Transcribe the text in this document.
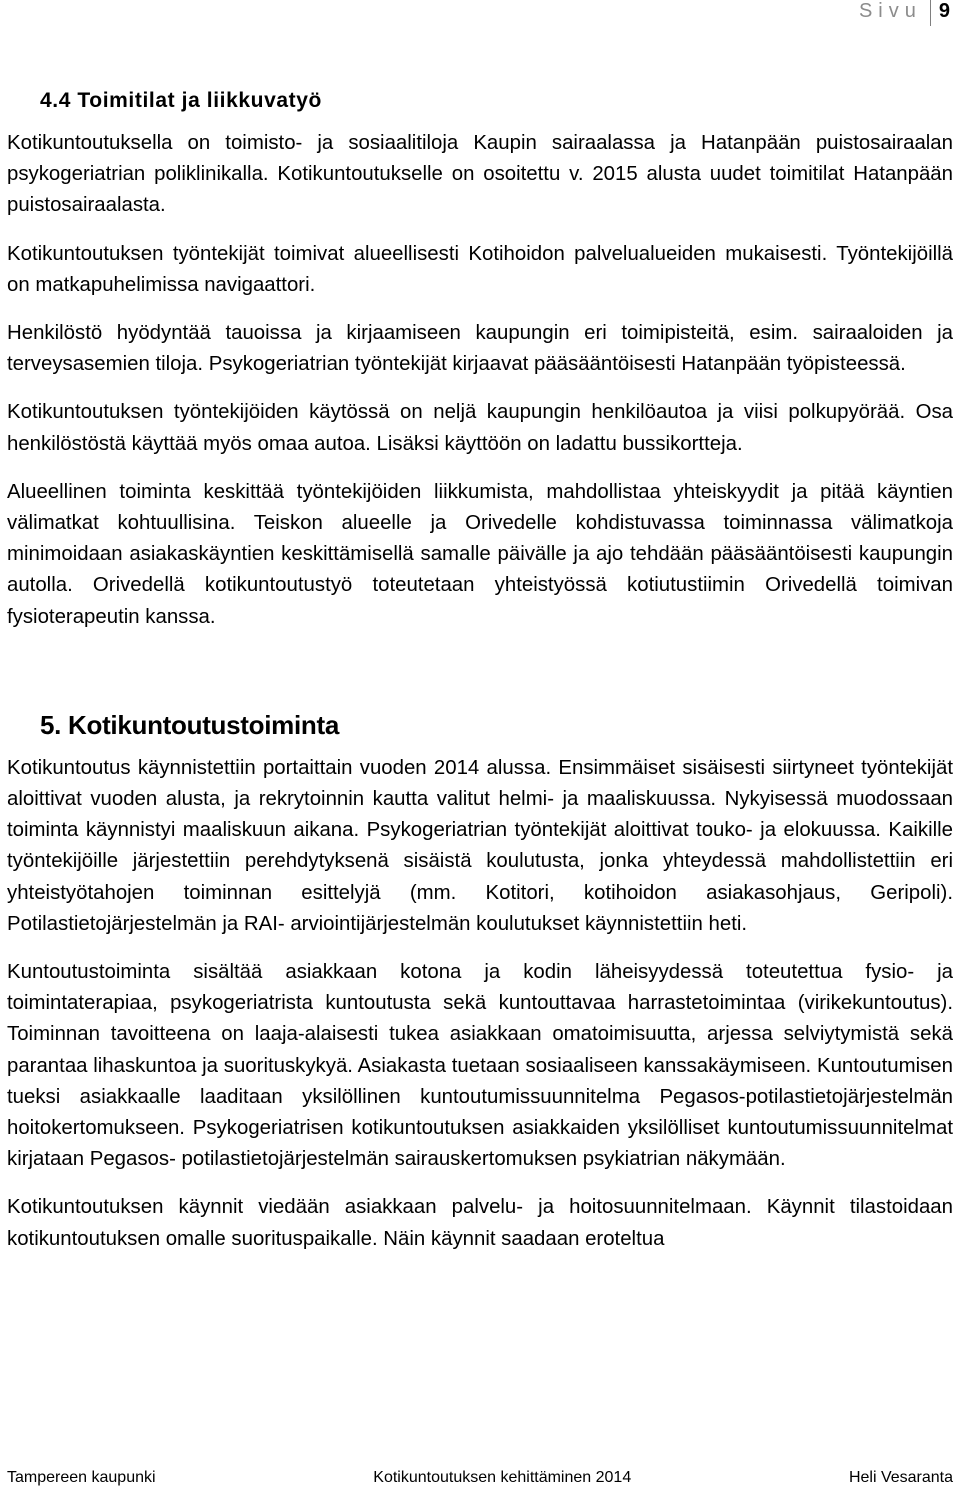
Sivu 9
4.4 Toimitilat ja liikkuvatyö

Kotikuntoutuksella on toimisto- ja sosiaalitiloja Kaupin sairaalassa ja Hatanpään puistosairaalan psykogeriatrian poliklinikalla. Kotikuntoutukselle on osoitettu v. 2015 alusta uudet toimitilat Hatanpään puistosairaalasta.

Kotikuntoutuksen työntekijät toimivat alueellisesti Kotihoidon palvelualueiden mukaisesti. Työntekijöillä on matkapuhelimissa navigaattori.

Henkilöstö hyödyntää tauoissa ja kirjaamiseen kaupungin eri toimipisteitä, esim. sairaaloiden ja terveysasemien tiloja. Psykogeriatrian työntekijät kirjaavat pääsääntöisesti Hatanpään työpisteessä.

Kotikuntoutuksen työntekijöiden käytössä on neljä kaupungin henkilöautoa ja viisi polkupyörää. Osa henkilöstöstä käyttää myös omaa autoa. Lisäksi käyttöön on ladattu bussikortteja.

Alueellinen toiminta keskittää työntekijöiden liikkumista, mahdollistaa yhteiskyydit ja pitää käyntien välimatkat kohtuullisina. Teiskon alueelle ja Orivedelle kohdistuvassa toiminnassa välimatkoja minimoidaan asiakaskäyntien keskittämisellä samalle päivälle ja ajo tehdään pääsääntöisesti kaupungin autolla. Orivedellä kotikuntoutustyö toteutetaan yhteistyössä kotiutustiimin Orivedellä toimivan fysioterapeutin kanssa.

5. Kotikuntoutustoiminta

Kotikuntoutus käynnistettiin portaittain vuoden 2014 alussa. Ensimmäiset sisäisesti siirtyneet työntekijät aloittivat vuoden alusta, ja rekrytoinnin kautta valitut helmi- ja maaliskuussa. Nykyisessä muodossaan toiminta käynnistyi maaliskuun aikana. Psykogeriatrian työntekijät aloittivat touko- ja elokuussa. Kaikille työntekijöille järjestettiin perehdytyksenä sisäistä koulutusta, jonka yhteydessä mahdollistettiin eri yhteistyötahojen toiminnan esittelyjä (mm. Kotitori, kotihoidon asiakasohjaus, Geripoli). Potilastietojärjestelmän ja RAI- arviointijärjestelmän koulutukset käynnistettiin heti.

Kuntoutustoiminta sisältää asiakkaan kotona ja kodin läheisyydessä toteutettua fysio- ja toimintaterapiaa, psykogeriatrista kuntoutusta sekä kuntouttavaa harrastetoimintaa (virikekuntoutus). Toiminnan tavoitteena on laaja-alaisesti tukea asiakkaan omatoimisuutta, arjessa selviytymistä sekä parantaa lihaskuntoa ja suorituskykyä. Asiakasta tuetaan sosiaaliseen kanssakäymiseen. Kuntoutumisen tueksi asiakkaalle laaditaan yksilöllinen kuntoutumissuunnitelma Pegasos-potilastietojärjestelmän hoitokertomukseen. Psykogeriatrisen kotikuntoutuksen asiakkaiden yksilölliset kuntoutumissuunnitelmat kirjataan Pegasos- potilastietojärjestelmän sairauskertomuksen psykiatrian näkymään.

Kotikuntoutuksen käynnit viedään asiakkaan palvelu- ja hoitosuunnitelmaan. Käynnit tilastoidaan kotikuntoutuksen omalle suorituspaikalle. Näin käynnit saadaan eroteltua

Tampereen kaupunki	Kotikuntoutuksen kehittäminen 2014	Heli Vesaranta
